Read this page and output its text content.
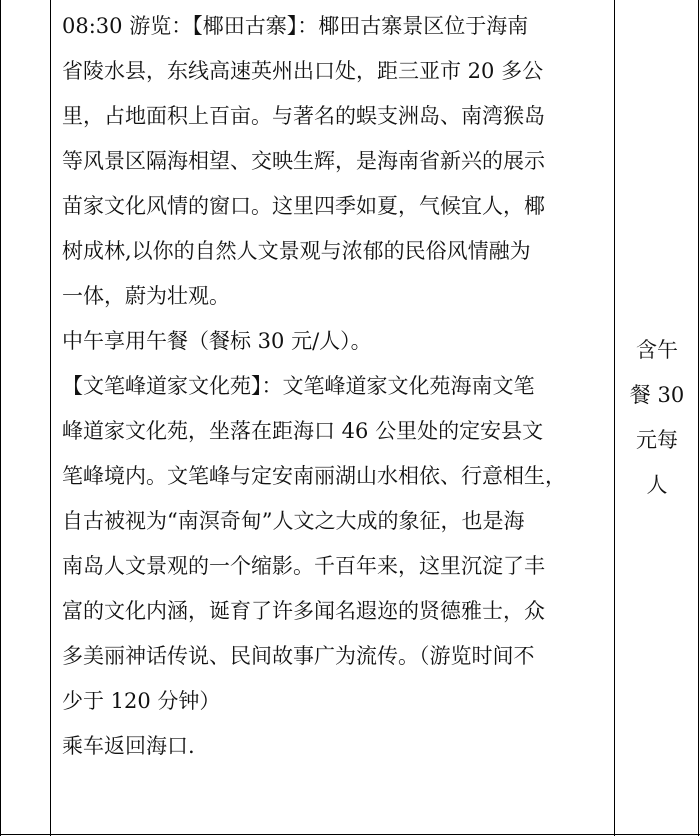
08:30 游览：【椰田古寨】：椰田古寨景区位于海南
省陵水县，东线高速英州出口处，距三亚市 20 多公
里，占地面积上百亩。与著名的蜈支洲岛、南湾猴岛
等风景区隔海相望、交映生辉，是海南省新兴的展示
苗家文化风情的窗口。这里四季如夏，气候宜人，椰
树成林,以你的自然人文景观与浓郁的民俗风情融为
一体，蔚为壮观。
中午享用午餐（餐标 30 元/人）。
【文笔峰道家文化苑】：文笔峰道家文化苑海南文笔
峰道家文化苑，坐落在距海口 46 公里处的定安县文
笔峰境内。文笔峰与定安南丽湖山水相依、行意相生，
自古被视为“南溟奇甸”人文之大成的象征，也是海
南岛人文景观的一个缩影。千百年来，这里沉淀了丰
富的文化内涵，诞育了许多闻名遐迩的贤德雅士，众
多美丽神话传说、民间故事广为流传。（游览时间不
少于 120 分钟）
乘车返回海口.
含午
餐 30
元每
人
